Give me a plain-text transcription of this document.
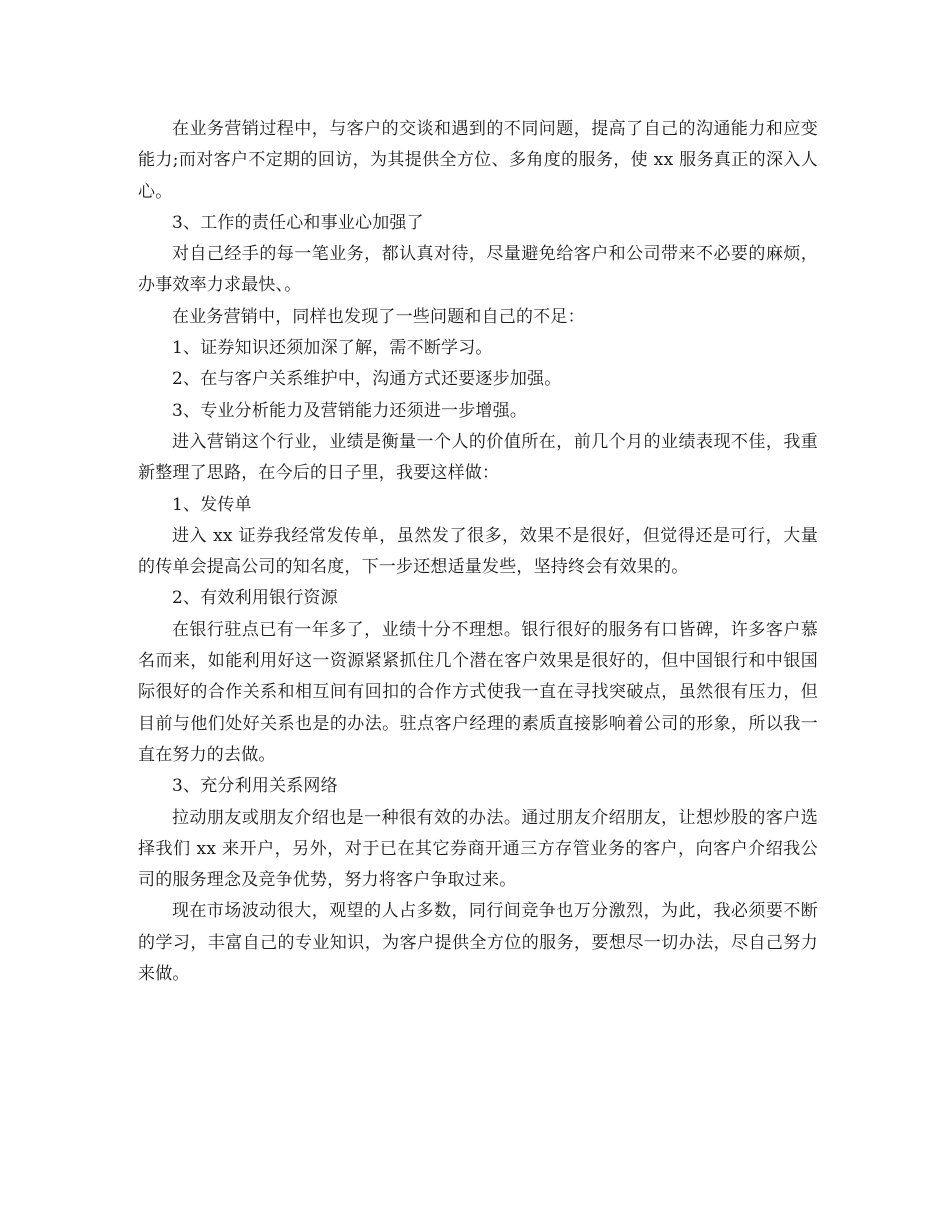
在业务营销过程中，与客户的交谈和遇到的不同问题，提高了自己的沟通能力和应变能力;而对客户不定期的回访，为其提供全方位、多角度的服务，使 xx 服务真正的深入人心。

3、工作的责任心和事业心加强了

对自己经手的每一笔业务，都认真对待，尽量避免给客户和公司带来不必要的麻烦，办事效率力求最快、。

在业务营销中，同样也发现了一些问题和自己的不足：

1、证券知识还须加深了解，需不断学习。

2、在与客户关系维护中，沟通方式还要逐步加强。

3、专业分析能力及营销能力还须进一步增强。

进入营销这个行业，业绩是衡量一个人的价值所在，前几个月的业绩表现不佳，我重新整理了思路，在今后的日子里，我要这样做：

1、发传单

进入 xx 证券我经常发传单，虽然发了很多，效果不是很好，但觉得还是可行，大量的传单会提高公司的知名度，下一步还想适量发些，坚持终会有效果的。

2、有效利用银行资源

在银行驻点已有一年多了，业绩十分不理想。银行很好的服务有口皆碑，许多客户慕名而来，如能利用好这一资源紧紧抓住几个潜在客户效果是很好的，但中国银行和中银国际很好的合作关系和相互间有回扣的合作方式使我一直在寻找突破点，虽然很有压力，但目前与他们处好关系也是的办法。驻点客户经理的素质直接影响着公司的形象，所以我一直在努力的去做。

3、充分利用关系网络

拉动朋友或朋友介绍也是一种很有效的办法。通过朋友介绍朋友，让想炒股的客户选择我们 xx 来开户，另外，对于已在其它券商开通三方存管业务的客户，向客户介绍我公司的服务理念及竞争优势，努力将客户争取过来。

现在市场波动很大，观望的人占多数，同行间竞争也万分激烈，为此，我必须要不断的学习，丰富自己的专业知识，为客户提供全方位的服务，要想尽一切办法，尽自己努力来做。
